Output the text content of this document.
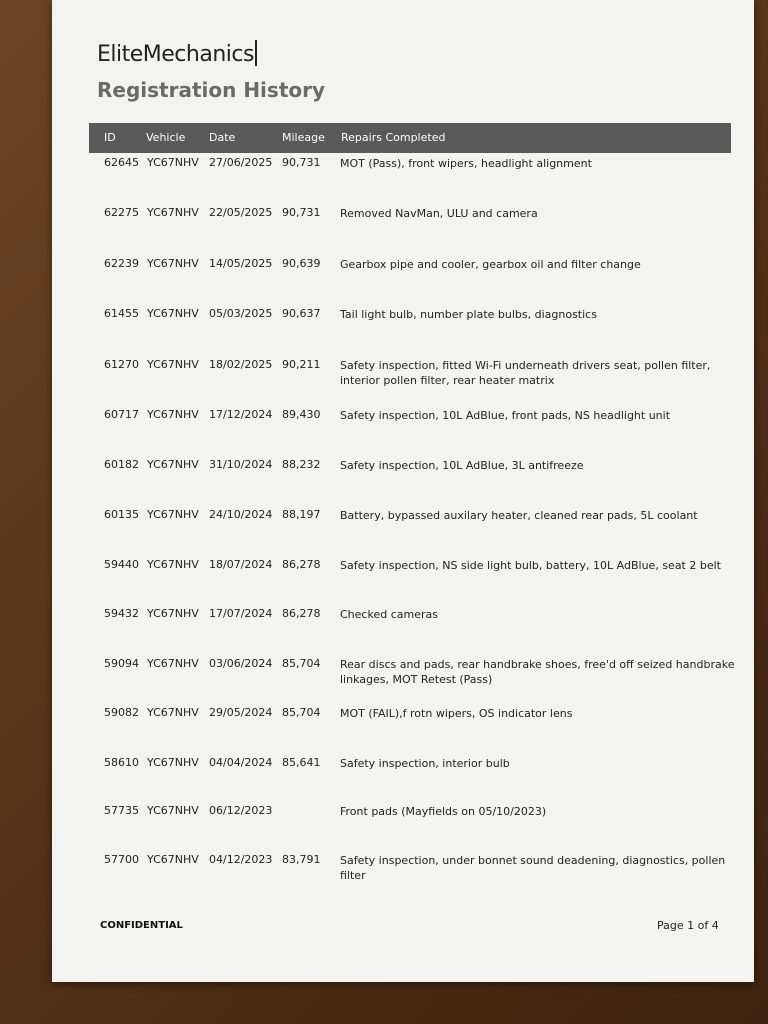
EliteMechanics
Registration History
ID	Vehicle Date	Mileage Repairs Completed
62645 YC67NHV 27/06/2025 90,731 MOT (Pass), front wipers, headlight alignment
62275 YC67NHV 22/05/2025 90,731 Removed NavMan, ULU and camera
62239 YC67NHV 14/05/2025 90,639 Gearbox pipe and cooler, gearbox oil and filter change
61455 YC67NHV 05/03/2025 90,637 Tail light bulb, number plate bulbs, diagnostics
61270 YC67NHV 18/02/2025 90,211 Safety inspection, fitted Wi-Fi underneath drivers seat, pollen filter, interior pollen filter, rear heater matrix
60717 YC67NHV 17/12/2024 89,430 Safety inspection, 10L AdBlue, front pads, NS headlight unit
60182 YC67NHV 31/10/2024 88,232 Safety inspection, 10L AdBlue, 3L antifreeze
60135 YC67NHV 24/10/2024 88,197 Battery, bypassed auxilary heater, cleaned rear pads, 5L coolant
59440 YC67NHV 18/07/2024 86,278 Safety inspection, NS side light bulb, battery, 10L AdBlue, seat 2 belt
59432 YC67NHV 17/07/2024 86,278 Checked cameras
59094 YC67NHV 03/06/2024 85,704 Rear discs and pads, rear handbrake shoes, free'd off seized handbrake linkages, MOT Retest (Pass)
59082 YC67NHV 29/05/2024 85,704 MOT (FAIL),f rotn wipers, OS indicator lens
58610 YC67NHV 04/04/2024 85,641 Safety inspection, interior bulb
57735 YC67NHV 06/12/2023	Front pads (Mayfields on 05/10/2023)
57700 YC67NHV 04/12/2023 83,791 Safety inspection, under bonnet sound deadening, diagnostics, pollen filter
CONFIDENTIAL	Page 1 of 4
